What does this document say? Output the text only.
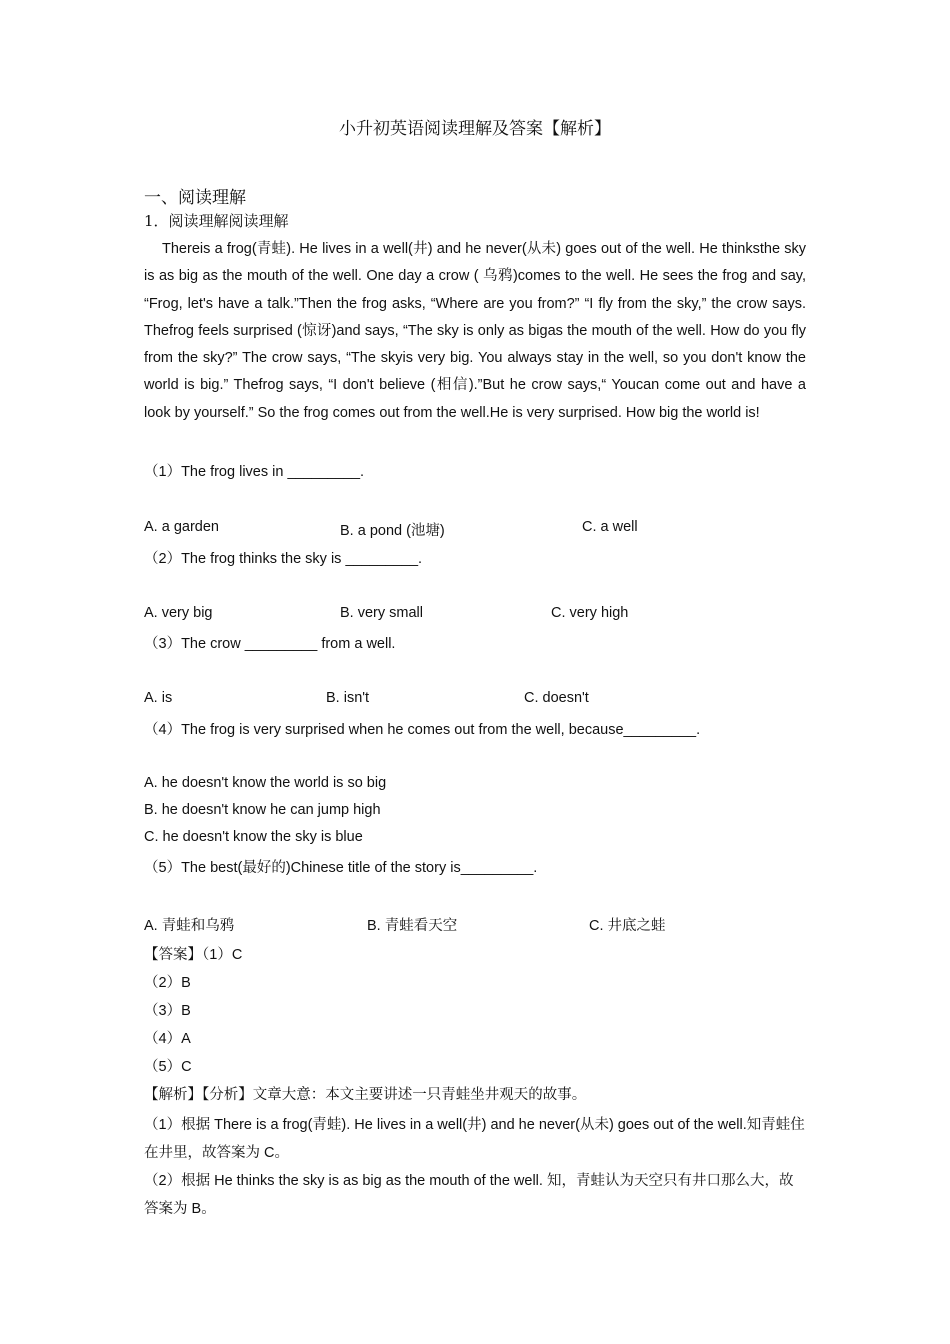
小升初英语阅读理解及答案【解析】
一、阅读理解
1．阅读理解阅读理解
Thereis a frog(青蛙). He lives in a well(井) and he never(从未) goes out of the well. He thinksthe sky is as big as the mouth of the well. One day a crow ( 乌鸦)comes to the well. He sees the frog and say, “Frog, let's have a talk.”Then the frog asks, “Where are you from?” “I fly from the sky,” the crow says. Thefrog feels surprised (惊讶)and says, “The sky is only as bigas the mouth of the well. How do you fly from the sky?” The crow says, “The skyis very big. You always stay in the well, so you don't know the world is big.” Thefrog says, “I don't believe (相信).”But he crow says,“ Youcan come out and have a look by yourself.” So the frog comes out from the well.He is very surprised. How big the world is!
（1）The frog lives in _________.
A. a garden	B. a pond (池塘)	C. a well
（2）The frog thinks the sky is _________.
A. very big	B. very small	C. very high
（3）The crow _________ from a well.
A. is	B. isn't	C. doesn't
（4）The frog is very surprised when he comes out from the well, because_________.
A. he doesn't know the world is so big
B. he doesn't know he can jump high
C. he doesn't know the sky is blue
（5）The best(最好的)Chinese title of the story is_________.
A. 青蛙和乌鸦	B. 青蛙看天空	C. 井底之蛙
【答案】（1）C
（2）B
（3）B
（4）A
（5）C
【解析】【分析】文章大意：本文主要讲述一只青蛙坐井观天的故事。
（1）根据 There is a frog(青蛙). He lives in a well(井) and he never(从未) goes out of the well.知青蛙住在井里，故答案为 C。
（2）根据 He thinks the sky is as big as the mouth of the well. 知，青蛙认为天空只有井口那么大，故答案为 B。
